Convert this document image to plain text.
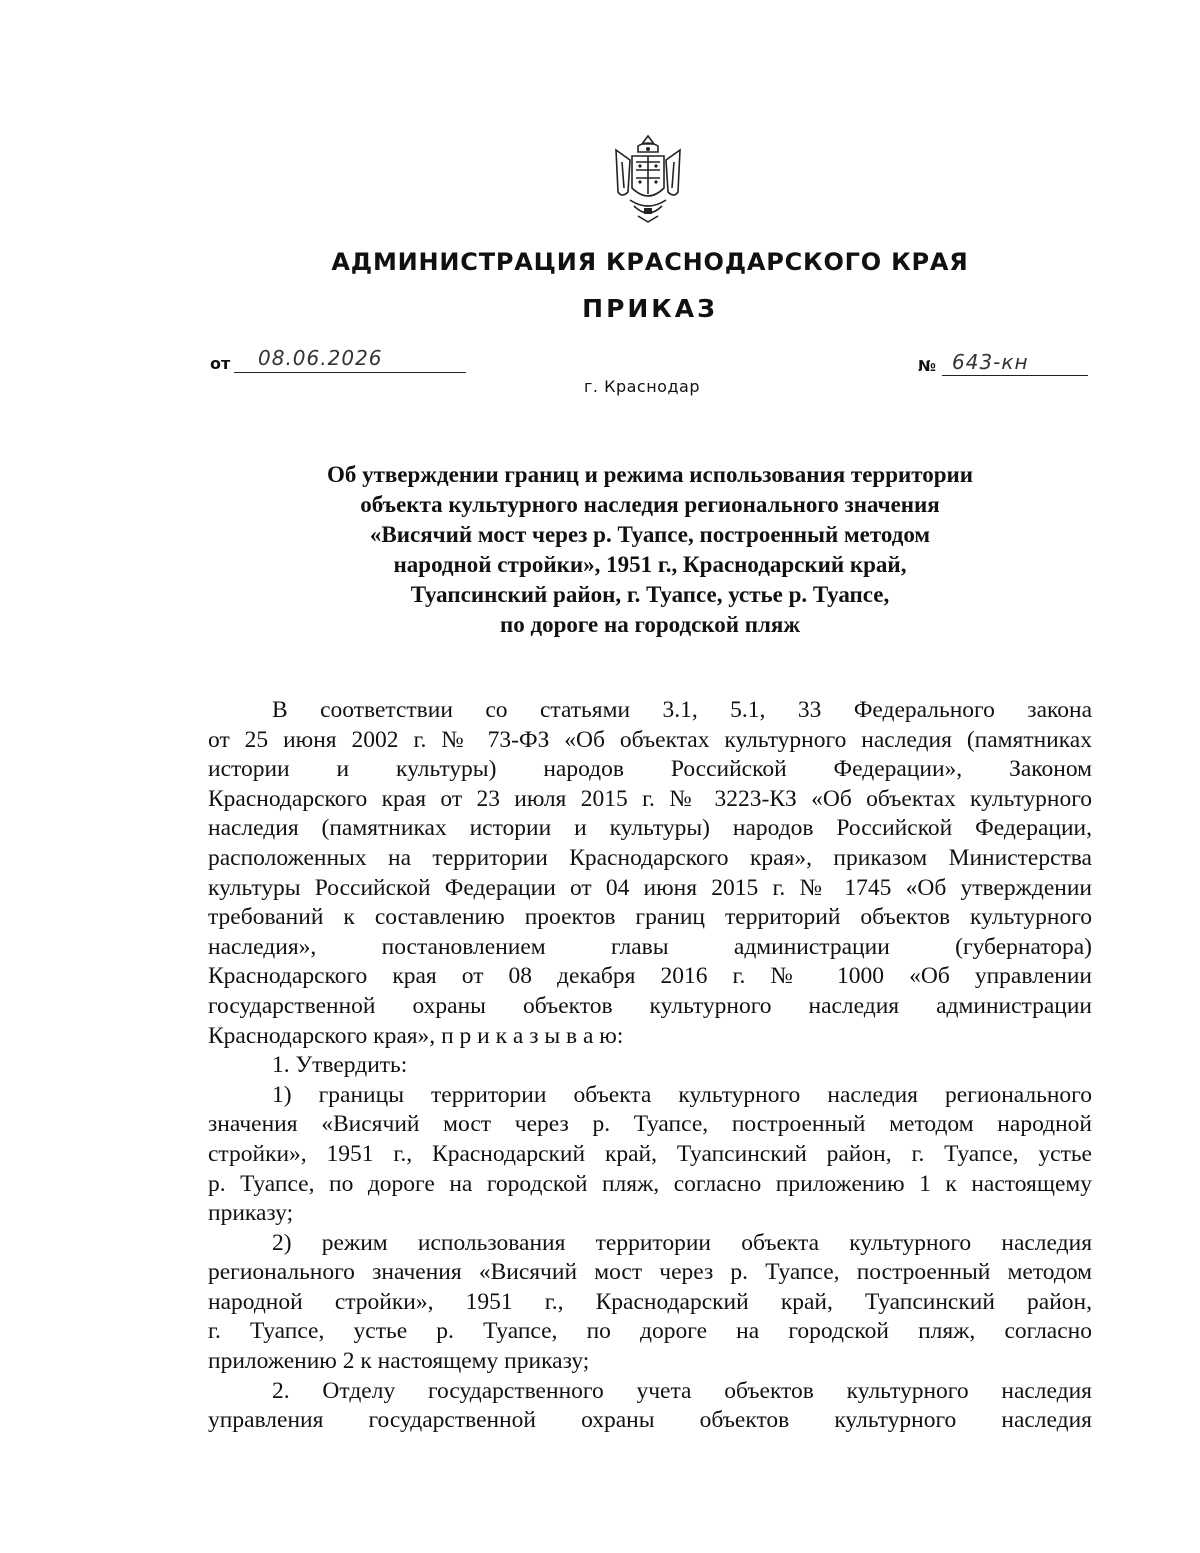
АДМИНИСТРАЦИЯ КРАСНОДАРСКОГО КРАЯ
ПРИКАЗ
от 08.06.2026	№ 643-кн
г. Краснодар
Об утверждении границ и режима использования территории
объекта культурного наследия регионального значения
«Висячий мост через р. Туапсе, построенный методом
народной стройки», 1951 г., Краснодарский край,
Туапсинский район, г. Туапсе, устье р. Туапсе,
по дороге на городской пляж
В соответствии со статьями 3.1, 5.1, 33 Федерального закона
от 25 июня 2002 г. № 73-ФЗ «Об объектах культурного наследия (памятниках
истории и культуры) народов Российской Федерации», Законом
Краснодарского края от 23 июля 2015 г. № 3223-КЗ «Об объектах культурного
наследия (памятниках истории и культуры) народов Российской Федерации,
расположенных на территории Краснодарского края», приказом Министерства
культуры Российской Федерации от 04 июня 2015 г. № 1745 «Об утверждении
требований к составлению проектов границ территорий объектов культурного
наследия», постановлением главы администрации (губернатора)
Краснодарского края от 08 декабря 2016 г. № 1000 «Об управлении
государственной охраны объектов культурного наследия администрации
Краснодарского края», п р и к а з ы в а ю:
1. Утвердить:
1) границы территории объекта культурного наследия регионального
значения «Висячий мост через р. Туапсе, построенный методом народной
стройки», 1951 г., Краснодарский край, Туапсинский район, г. Туапсе, устье
р. Туапсе, по дороге на городской пляж, согласно приложению 1 к настоящему
приказу;
2) режим использования территории объекта культурного наследия
регионального значения «Висячий мост через р. Туапсе, построенный методом
народной стройки», 1951 г., Краснодарский край, Туапсинский район,
г. Туапсе, устье р. Туапсе, по дороге на городской пляж, согласно
приложению 2 к настоящему приказу;
2. Отделу государственного учета объектов культурного наследия
управления государственной охраны объектов культурного наследия
